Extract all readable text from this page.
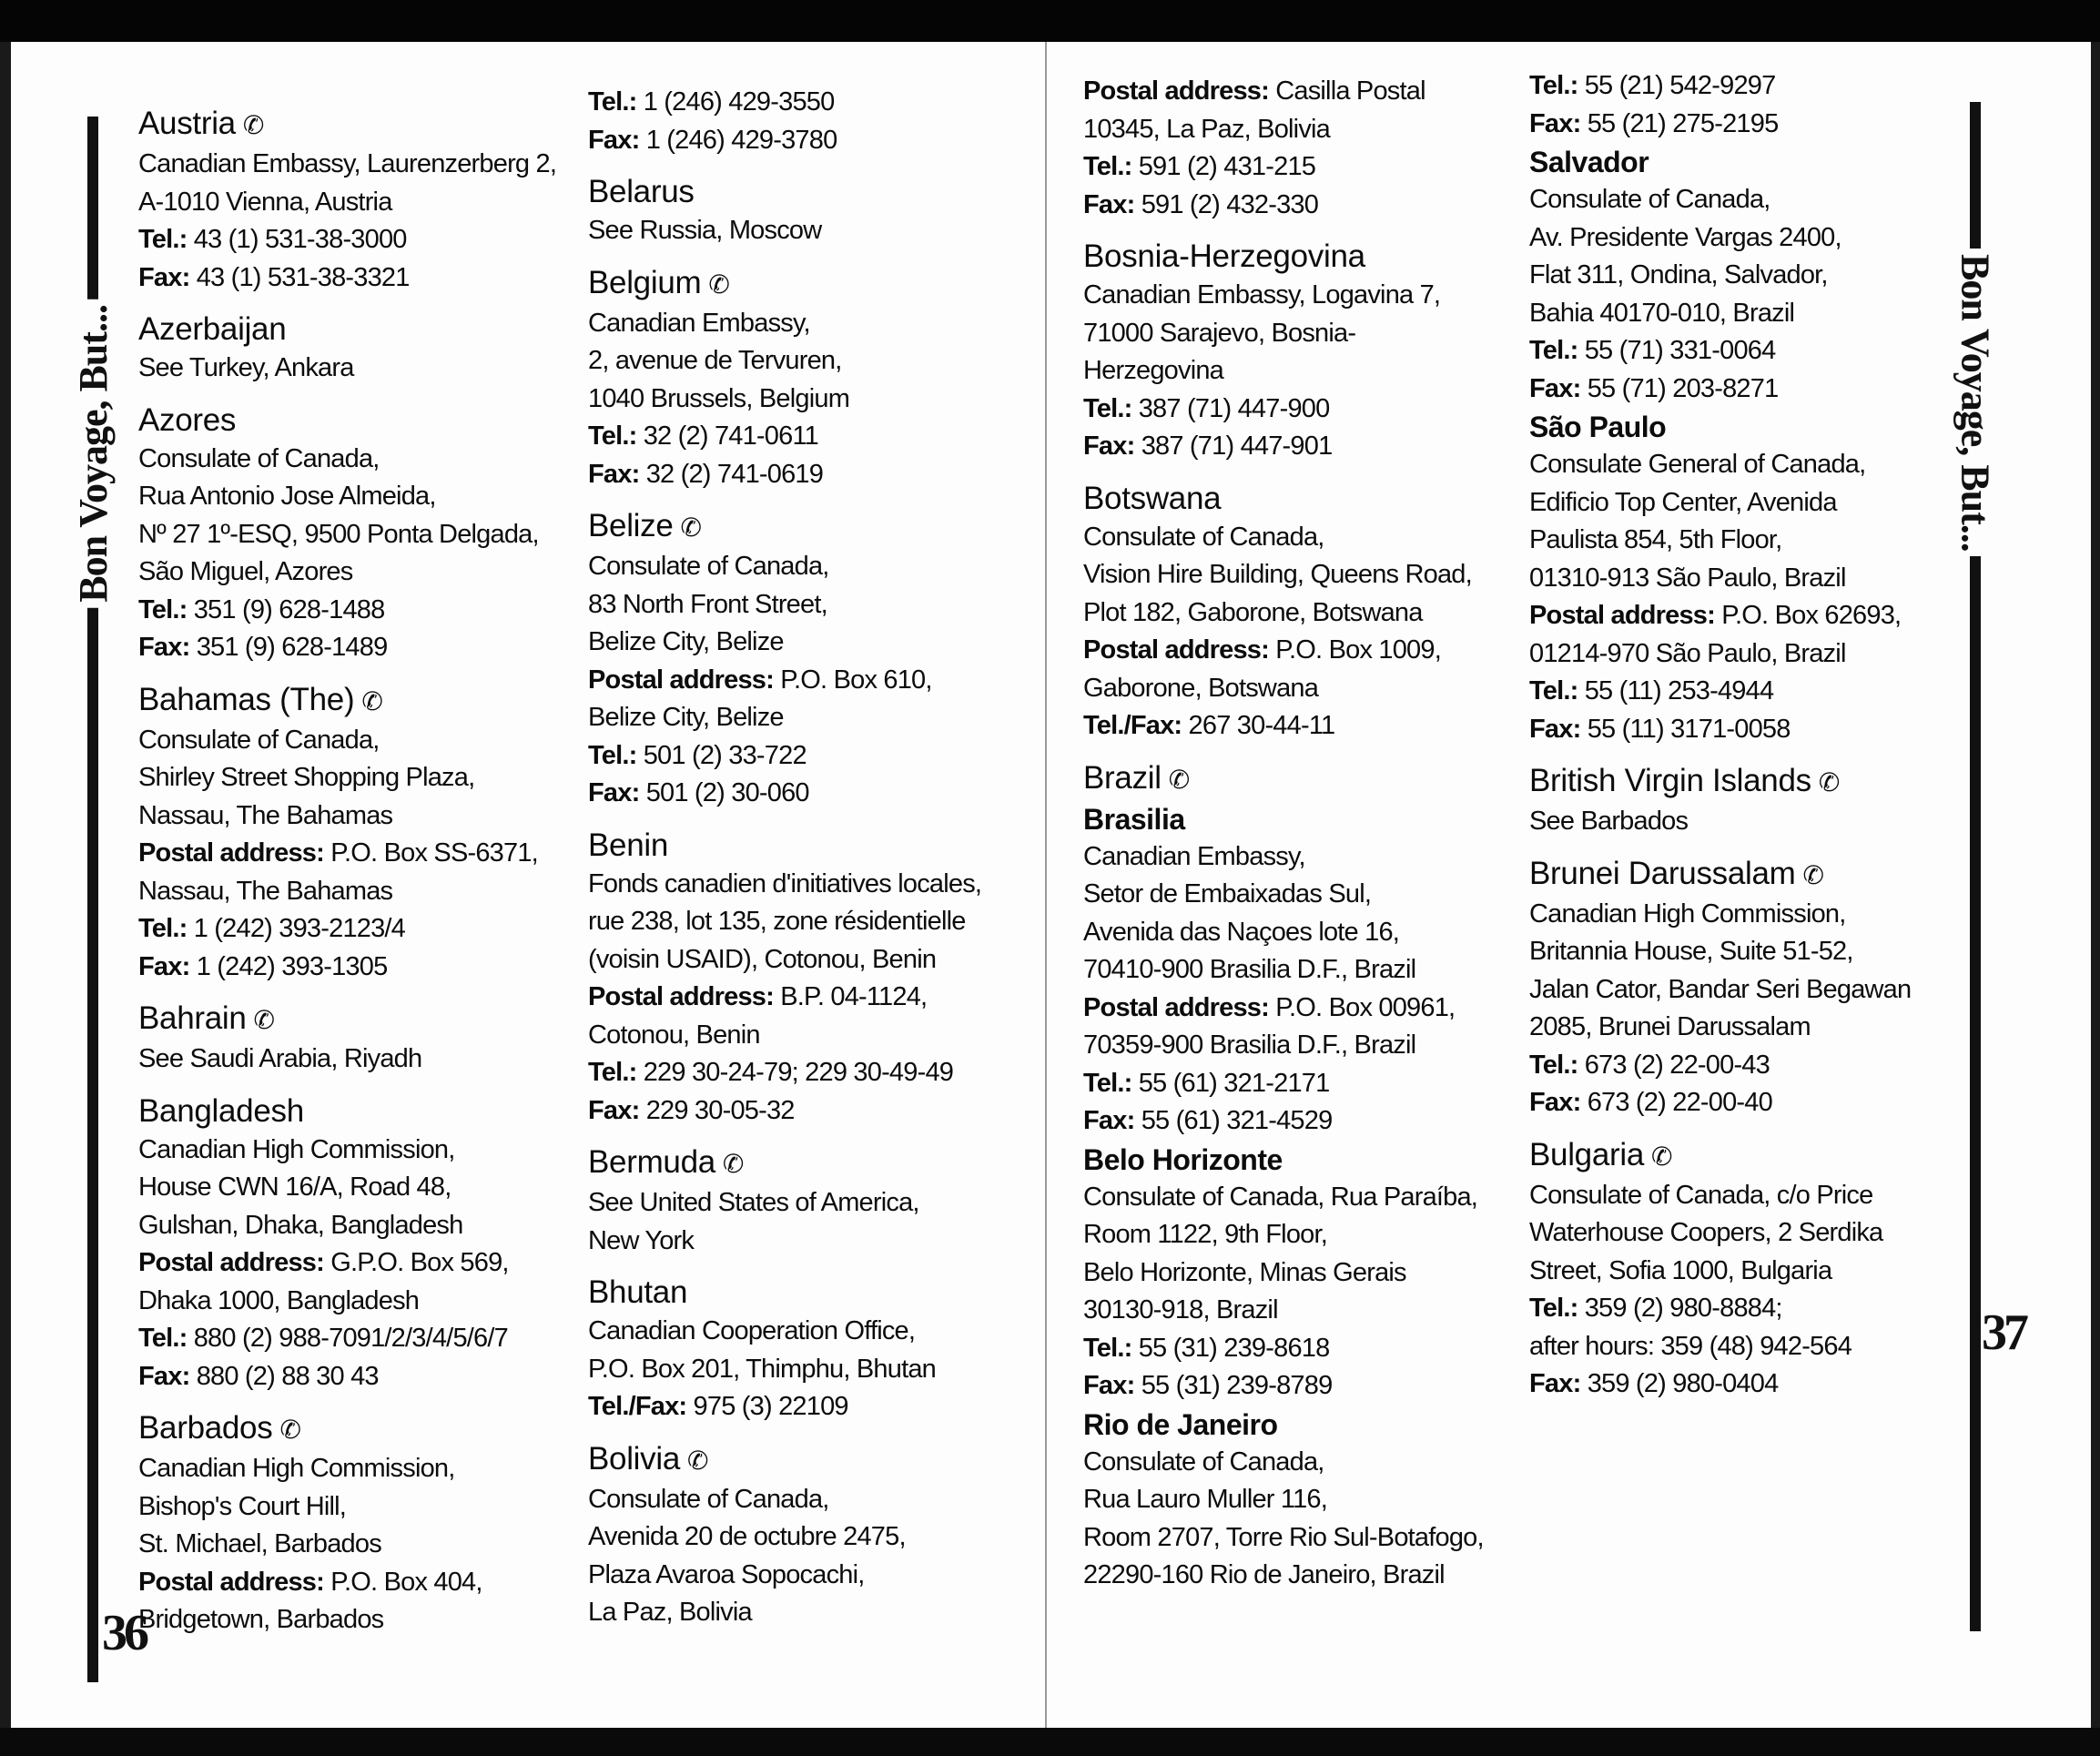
Bon Voyage, But...	Bon Voyage, But...
36
37
Austria ✆
Canadian Embassy, Laurenzerberg 2,
A-1010 Vienna, Austria
Tel.: 43 (1) 531-38-3000
Fax: 43 (1) 531-38-3321
Azerbaijan
See Turkey, Ankara
Azores
Consulate of Canada,
Rua Antonio Jose Almeida,
Nº 27 1º-ESQ, 9500 Ponta Delgada,
São Miguel, Azores
Tel.: 351 (9) 628-1488
Fax: 351 (9) 628-1489
Bahamas (The) ✆
Consulate of Canada,
Shirley Street Shopping Plaza,
Nassau, The Bahamas
Postal address: P.O. Box SS-6371,
Nassau, The Bahamas
Tel.: 1 (242) 393-2123/4
Fax: 1 (242) 393-1305
Bahrain ✆
See Saudi Arabia, Riyadh
Bangladesh
Canadian High Commission,
House CWN 16/A, Road 48,
Gulshan, Dhaka, Bangladesh
Postal address: G.P.O. Box 569,
Dhaka 1000, Bangladesh
Tel.: 880 (2) 988-7091/2/3/4/5/6/7
Fax: 880 (2) 88 30 43
Barbados ✆
Canadian High Commission,
Bishop's Court Hill,
St. Michael, Barbados
Postal address: P.O. Box 404,
Bridgetown, Barbados
Tel.: 1 (246) 429-3550
Fax: 1 (246) 429-3780
Belarus
See Russia, Moscow
Belgium ✆
Canadian Embassy,
2, avenue de Tervuren,
1040 Brussels, Belgium
Tel.: 32 (2) 741-0611
Fax: 32 (2) 741-0619
Belize ✆
Consulate of Canada,
83 North Front Street,
Belize City, Belize
Postal address: P.O. Box 610,
Belize City, Belize
Tel.: 501 (2) 33-722
Fax: 501 (2) 30-060
Benin
Fonds canadien d'initiatives locales,
rue 238, lot 135, zone résidentielle
(voisin USAID), Cotonou, Benin
Postal address: B.P. 04-1124,
Cotonou, Benin
Tel.: 229 30-24-79; 229 30-49-49
Fax: 229 30-05-32
Bermuda ✆
See United States of America,
New York
Bhutan
Canadian Cooperation Office,
P.O. Box 201, Thimphu, Bhutan
Tel./Fax: 975 (3) 22109
Bolivia ✆
Consulate of Canada,
Avenida 20 de octubre 2475,
Plaza Avaroa Sopocachi,
La Paz, Bolivia
Postal address: Casilla Postal
10345, La Paz, Bolivia
Tel.: 591 (2) 431-215
Fax: 591 (2) 432-330
Bosnia-Herzegovina
Canadian Embassy, Logavina 7,
71000 Sarajevo, Bosnia-
Herzegovina
Tel.: 387 (71) 447-900
Fax: 387 (71) 447-901
Botswana
Consulate of Canada,
Vision Hire Building, Queens Road,
Plot 182, Gaborone, Botswana
Postal address: P.O. Box 1009,
Gaborone, Botswana
Tel./Fax: 267 30-44-11
Brazil ✆
Brasilia
Canadian Embassy,
Setor de Embaixadas Sul,
Avenida das Naçoes lote 16,
70410-900 Brasilia D.F., Brazil
Postal address: P.O. Box 00961,
70359-900 Brasilia D.F., Brazil
Tel.: 55 (61) 321-2171
Fax: 55 (61) 321-4529
Belo Horizonte
Consulate of Canada, Rua Paraíba,
Room 1122, 9th Floor,
Belo Horizonte, Minas Gerais
30130-918, Brazil
Tel.: 55 (31) 239-8618
Fax: 55 (31) 239-8789
Rio de Janeiro
Consulate of Canada,
Rua Lauro Muller 116,
Room 2707, Torre Rio Sul-Botafogo,
22290-160 Rio de Janeiro, Brazil
Tel.: 55 (21) 542-9297
Fax: 55 (21) 275-2195
Salvador
Consulate of Canada,
Av. Presidente Vargas 2400,
Flat 311, Ondina, Salvador,
Bahia 40170-010, Brazil
Tel.: 55 (71) 331-0064
Fax: 55 (71) 203-8271
São Paulo
Consulate General of Canada,
Edificio Top Center, Avenida
Paulista 854, 5th Floor,
01310-913 São Paulo, Brazil
Postal address: P.O. Box 62693,
01214-970 São Paulo, Brazil
Tel.: 55 (11) 253-4944
Fax: 55 (11) 3171-0058
British Virgin Islands ✆
See Barbados
Brunei Darussalam ✆
Canadian High Commission,
Britannia House, Suite 51-52,
Jalan Cator, Bandar Seri Begawan
2085, Brunei Darussalam
Tel.: 673 (2) 22-00-43
Fax: 673 (2) 22-00-40
Bulgaria ✆
Consulate of Canada, c/o Price
Waterhouse Coopers, 2 Serdika
Street, Sofia 1000, Bulgaria
Tel.: 359 (2) 980-8884;
after hours: 359 (48) 942-564
Fax: 359 (2) 980-0404
